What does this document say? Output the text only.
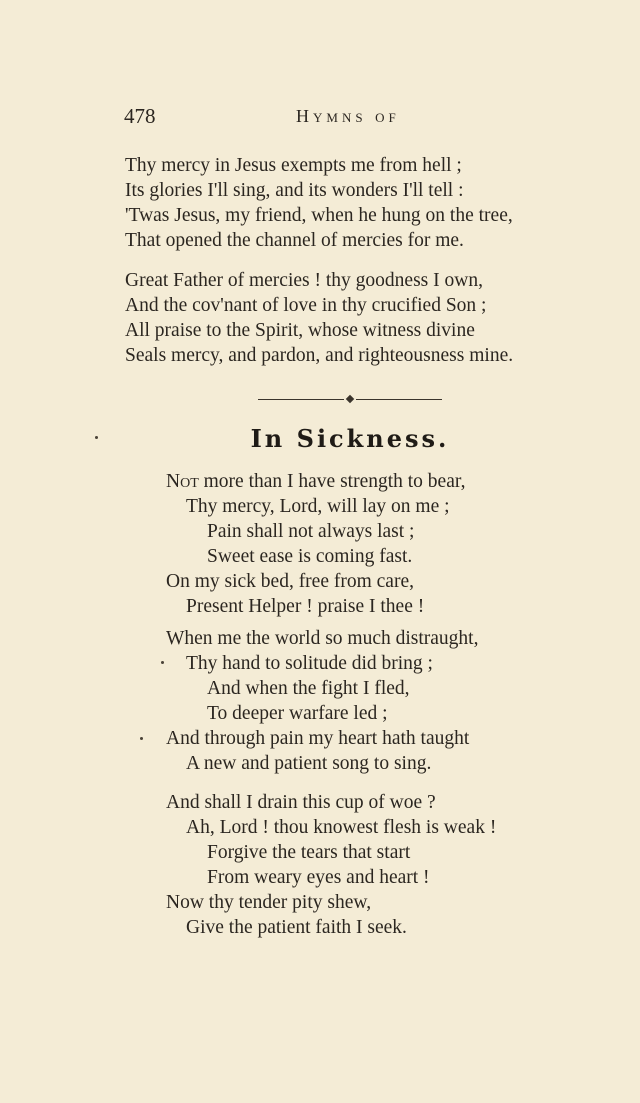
478	Hymns of
Thy mercy in Jesus exempts me from hell ;
Its glories I'll sing, and its wonders I'll tell :
'Twas Jesus, my friend, when he hung on the tree,
That opened the channel of mercies for me.
Great Father of mercies ! thy goodness I own,
And the cov'nant of love in thy crucified Son ;
All praise to the Spirit, whose witness divine
Seals mercy, and pardon, and righteousness mine.
In Sickness.
Not more than I have strength to bear,
Thy mercy, Lord, will lay on me ;
Pain shall not always last ;
Sweet ease is coming fast.
On my sick bed, free from care,
Present Helper ! praise I thee !
When me the world so much distraught,
Thy hand to solitude did bring ;
And when the fight I fled,
To deeper warfare led ;
And through pain my heart hath taught
A new and patient song to sing.
And shall I drain this cup of woe ?
Ah, Lord ! thou knowest flesh is weak !
Forgive the tears that start
From weary eyes and heart !
Now thy tender pity shew,
Give the patient faith I seek.
